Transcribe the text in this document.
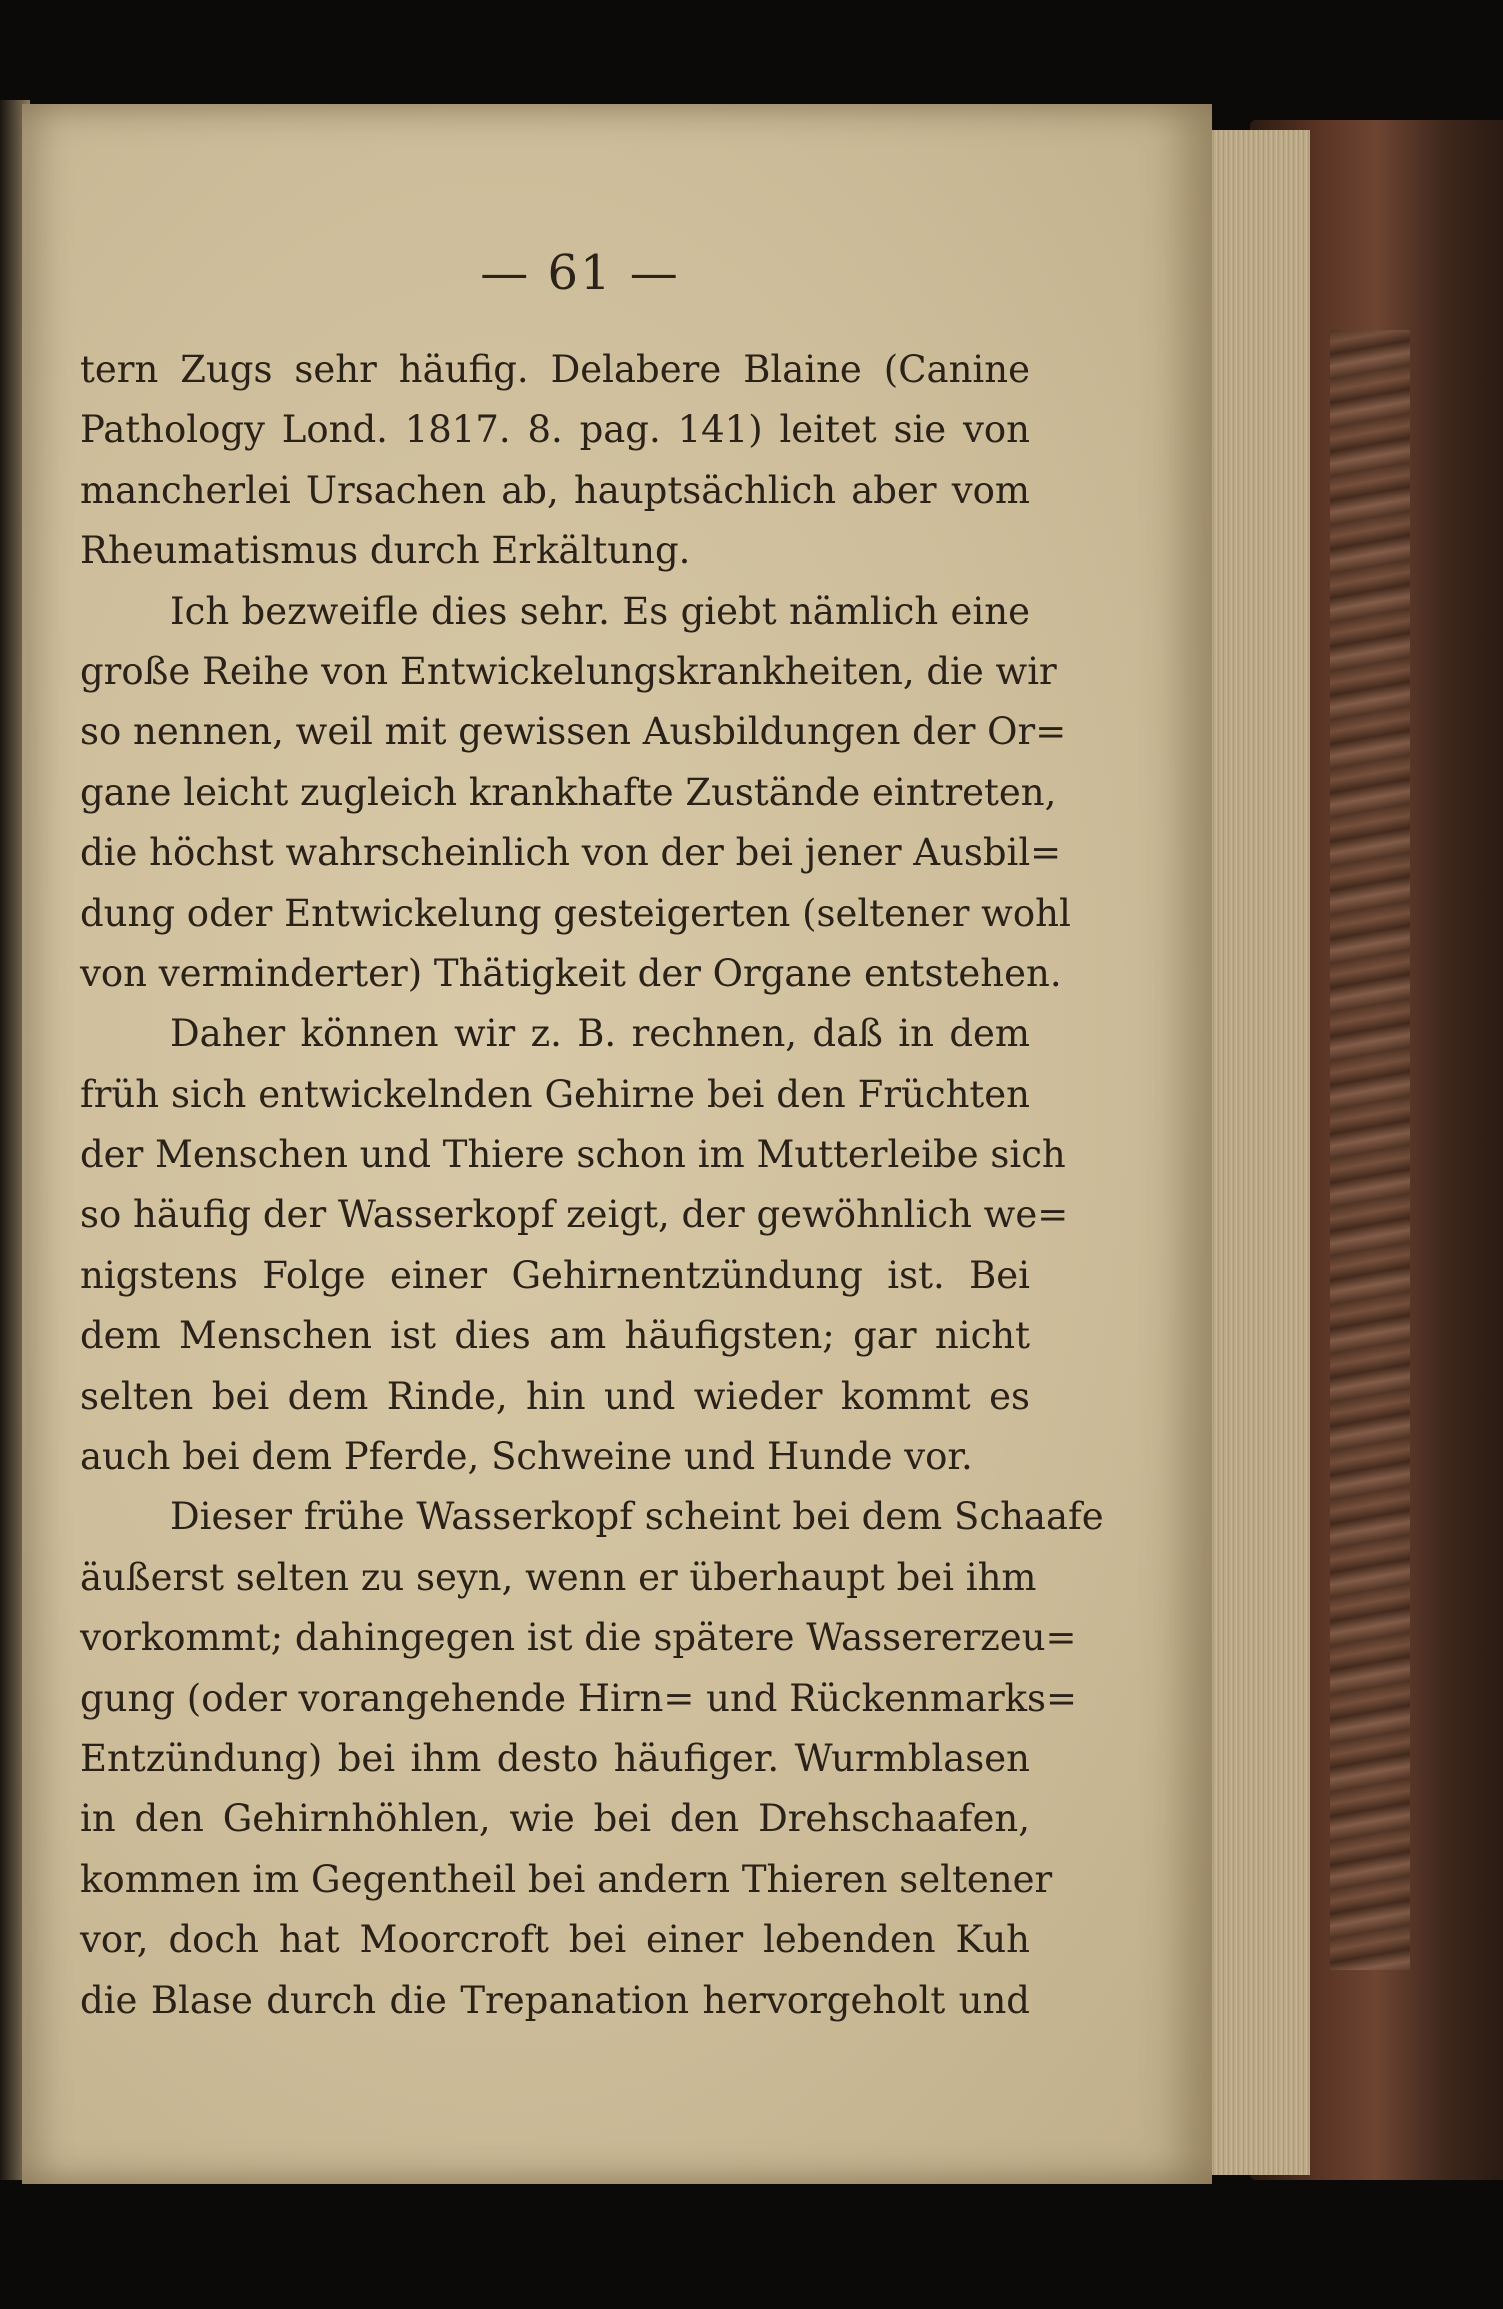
— 61 —
tern Zugs sehr häufig. Delabere Blaine (Canine
Pathology Lond. 1817. 8. pag. 141) leitet sie von
mancherlei Ursachen ab, hauptsächlich aber vom
Rheumatismus durch Erkältung.
Ich bezweifle dies sehr. Es giebt nämlich eine
große Reihe von Entwickelungskrankheiten, die wir
so nennen, weil mit gewissen Ausbildungen der Or=
gane leicht zugleich krankhafte Zustände eintreten,
die höchst wahrscheinlich von der bei jener Ausbil=
dung oder Entwickelung gesteigerten (seltener wohl
von verminderter) Thätigkeit der Organe entstehen.
Daher können wir z. B. rechnen, daß in dem
früh sich entwickelnden Gehirne bei den Früchten
der Menschen und Thiere schon im Mutterleibe sich
so häufig der Wasserkopf zeigt, der gewöhnlich we=
nigstens Folge einer Gehirnentzündung ist. Bei
dem Menschen ist dies am häufigsten; gar nicht
selten bei dem Rinde, hin und wieder kommt es
auch bei dem Pferde, Schweine und Hunde vor.
Dieser frühe Wasserkopf scheint bei dem Schaafe
äußerst selten zu seyn, wenn er überhaupt bei ihm
vorkommt; dahingegen ist die spätere Wassererzeu=
gung (oder vorangehende Hirn= und Rückenmarks=
Entzündung) bei ihm desto häufiger. Wurmblasen
in den Gehirnhöhlen, wie bei den Drehschaafen,
kommen im Gegentheil bei andern Thieren seltener
vor, doch hat Moorcroft bei einer lebenden Kuh
die Blase durch die Trepanation hervorgeholt und
